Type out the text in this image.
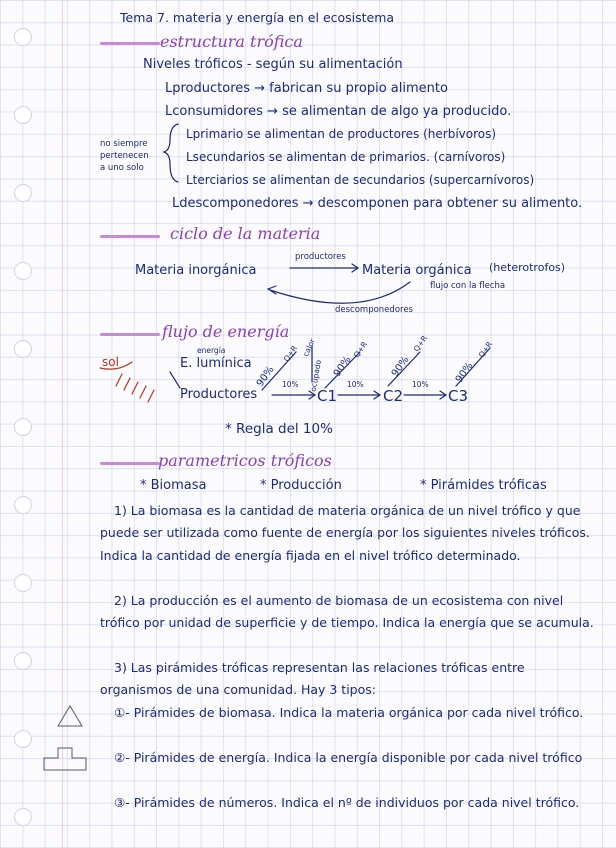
Tema 7. materia y energía en el ecosistema
estructura trófica
Niveles tróficos - según su alimentación
Lproductores → fabrican su propio alimento
Lconsumidores → se alimentan de algo ya producido.
no siempre
pertenecen
a uno solo
Lprimario se alimentan de productores (herbívoros)
Lsecundarios se alimentan de primarios. (carnívoros)
Lterciarios se alimentan de secundarios (supercarnívoros)
Ldescomponedores → descomponen para obtener su alimento.
ciclo de la materia
Materia inorgánica
productores
Materia orgánica (heterotrofos)
flujo con la flecha
descomponedores
flujo de energía
sol
energía
E. lumínica
Productores
10%
C1
10%
C2
10%
C3
90%
Q+R calor
ocupado 90%
Q+R
90%
Q+R
90%
Q+R
* Regla del 10%
parametricos tróficos
* Biomasa	* Producción	* Pirámides tróficas
1) La biomasa es la cantidad de materia orgánica de un nivel trófico y que puede ser utilizada como fuente de energía por los siguientes niveles tróficos. Indica la cantidad de energía fijada en el nivel trófico determinado.
2) La producción es el aumento de biomasa de un ecosistema con nivel trófico por unidad de superficie y de tiempo. Indica la energía que se acumula.
3) Las pirámides tróficas representan las relaciones tróficas entre organismos de una comunidad. Hay 3 tipos:
①- Pirámides de biomasa. Indica la materia orgánica por cada nivel trófico.
②- Pirámides de energía. Indica la energía disponible por cada nivel trófico
③- Pirámides de números. Indica el nº de individuos por cada nivel trófico.
